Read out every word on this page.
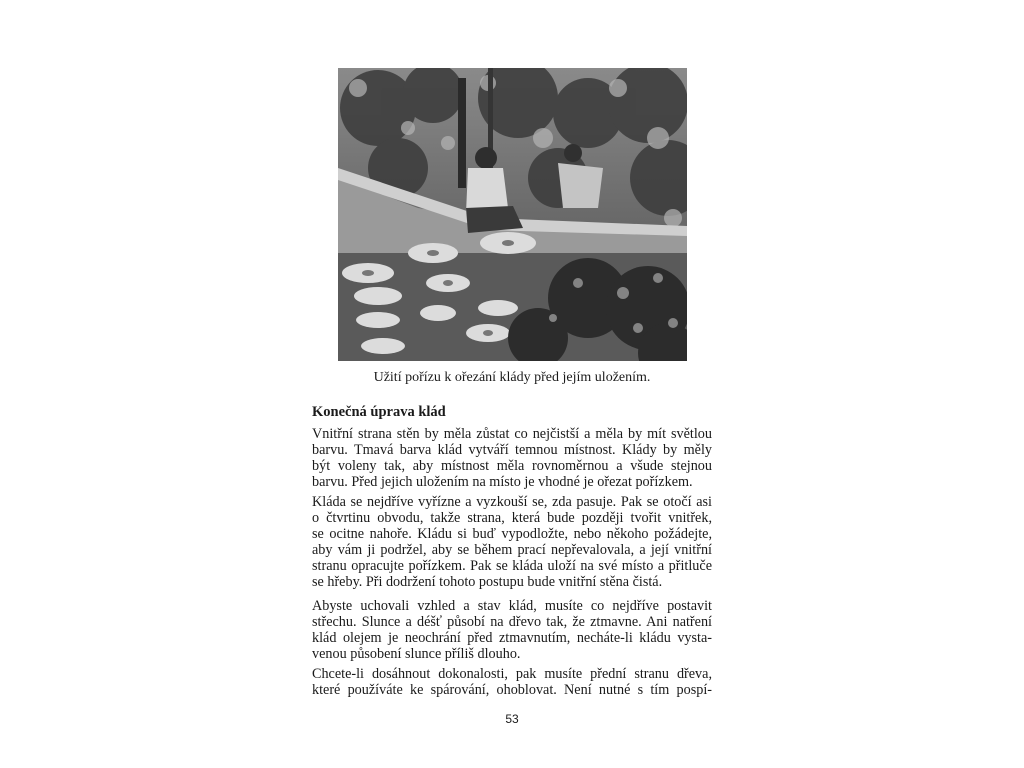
Užití pořízu k ořezání klády před jejím uložením.
Konečná úprava klád
Vnitřní strana stěn by měla zůstat co nejčistší a měla by mít světlou
barvu. Tmavá barva klád vytváří temnou místnost. Klády by měly
být voleny tak, aby místnost měla rovnoměrnou a všude stejnou
barvu. Před jejich uložením na místo je vhodné je ořezat pořízkem.
Kláda se nejdříve vyřízne a vyzkouší se, zda pasuje. Pak se otočí asi
o čtvrtinu obvodu, takže strana, která bude později tvořit vnitřek,
se ocitne nahoře. Kládu si buď vypodložte, nebo někoho požádejte,
aby vám ji podržel, aby se během prací nepřevalovala, a její vnitřní
stranu opracujte pořízkem. Pak se kláda uloží na své místo a přitluče
se hřeby. Při dodržení tohoto postupu bude vnitřní stěna čistá.
Abyste uchovali vzhled a stav klád, musíte co nejdříve postavit
střechu. Slunce a déšť působí na dřevo tak, že ztmavne. Ani natření
klád olejem je neochrání před ztmavnutím, necháte-li kládu vysta-
venou působení slunce příliš dlouho.
Chcete-li dosáhnout dokonalosti, pak musíte přední stranu dřeva,
které používáte ke spárování, ohoblovat. Není nutné s tím pospí-
53
